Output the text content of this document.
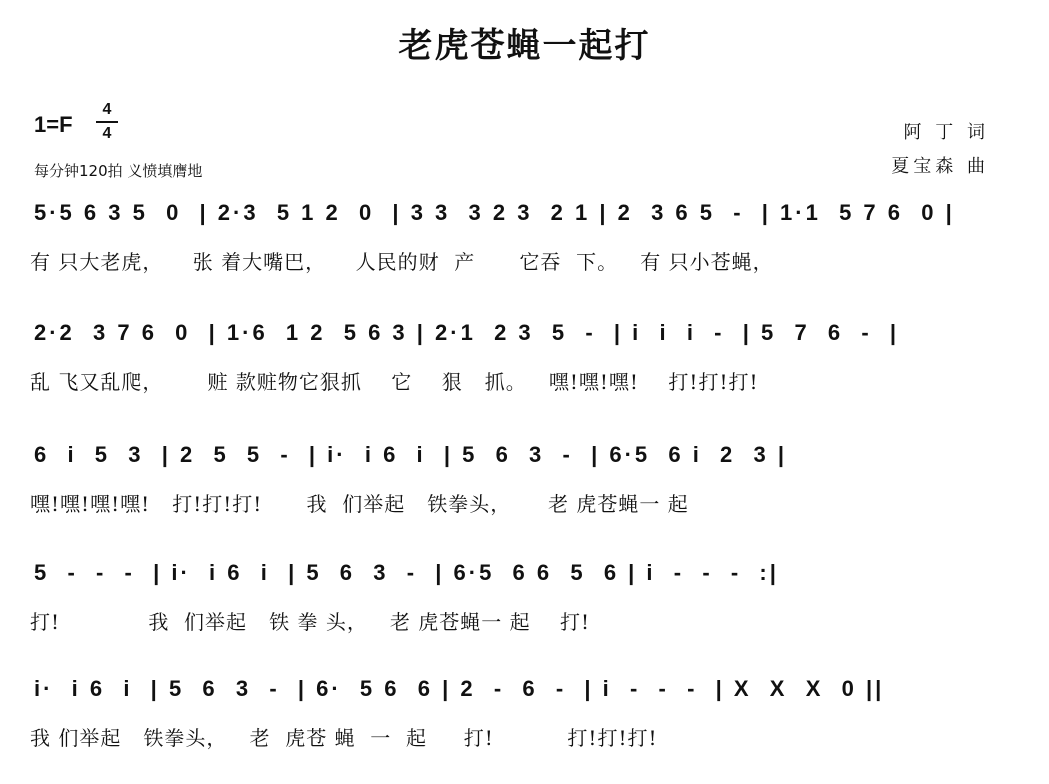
老虎苍蝇一起打
1=F
4
4
每分钟120拍 义愤填膺地
阿 丁 词
夏宝森 曲
5·5 6 3 5  0  | 2·3  5 1 2  0  | 3 3  3 2 3  2 1 | 2  3 6 5  -  | 1·1  5 7 6  0 |
有 只大老虎，    张 着大嘴巴，    人民的财  产      它吞  下。   有 只小苍蝇，
2·2  3 7 6  0  | 1·6  1 2  5 6 3 | 2·1  2 3  5  -  | i  i  i  -  | 5  7  6  -  |
乱 飞又乱爬，      赃 款赃物它狠抓    它    狠   抓。   嘿!嘿!嘿!    打!打!打!
6  i  5  3  | 2  5  5  -  | i·  i 6  i  | 5  6  3  -  | 6·5  6 i  2  3 |
嘿!嘿!嘿!嘿!   打!打!打!      我  们举起   铁拳头，     老 虎苍蝇一 起
5  -  -  -  | i·  i 6  i  | 5  6  3  -  | 6·5  6 6  5  6 | i  -  -  -  :|
打!            我  们举起   铁 拳 头，   老 虎苍蝇一 起    打!
i·  i 6  i  | 5  6  3  -  | 6·  5 6  6 | 2  -  6  -  | i  -  -  -  | X  X  X  0 ||
我 们举起   铁拳头，   老  虎苍 蝇  一  起     打!          打!打!打!
